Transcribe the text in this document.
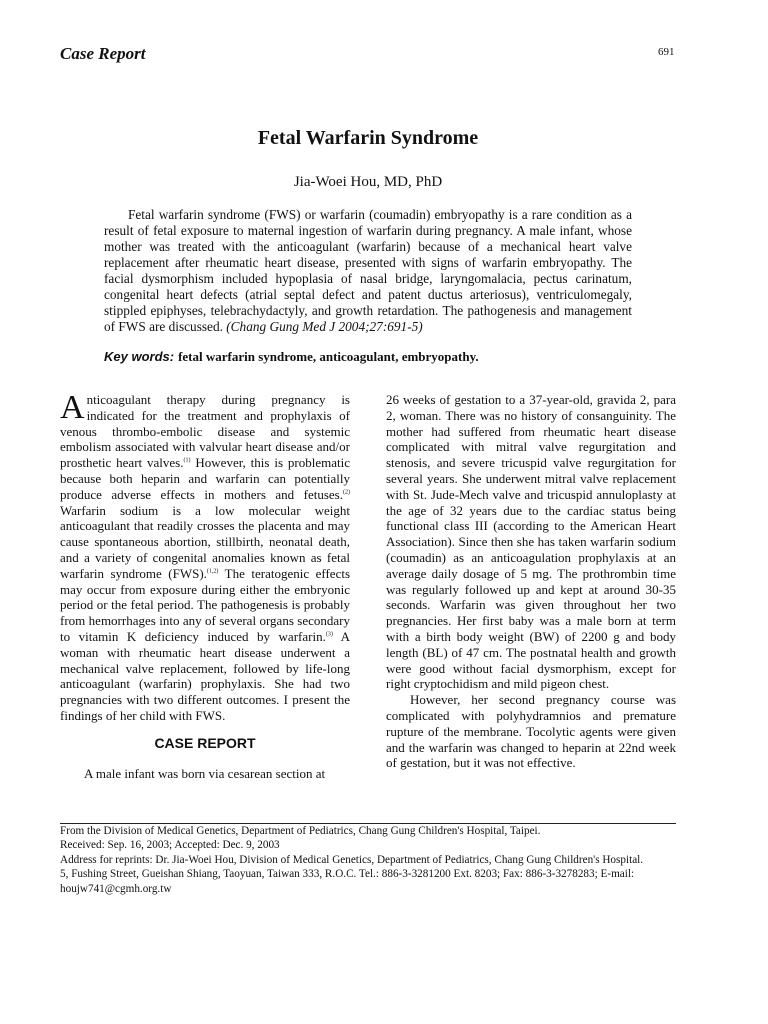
Case Report	691
Fetal Warfarin Syndrome
Jia-Woei Hou, MD, PhD

Fetal warfarin syndrome (FWS) or warfarin (coumadin) embryopathy is a rare condition as a result of fetal exposure to maternal ingestion of warfarin during pregnancy. A male infant, whose mother was treated with the anticoagulant (warfarin) because of a mechanical heart valve replacement after rheumatic heart disease, presented with signs of warfarin embryopathy. The facial dysmorphism included hypoplasia of nasal bridge, laryngomalacia, pectus carinatum, congenital heart defects (atrial septal defect and patent ductus arteriosus), ventriculomegaly, stippled epiphyses, telebrachydactyly, and growth retardation. The pathogenesis and management of FWS are discussed. (Chang Gung Med J 2004;27:691-5)

Key words: fetal warfarin syndrome, anticoagulant, embryopathy.

Anticoagulant therapy during pregnancy is indicated for the treatment and prophylaxis of venous thrombo-embolic disease and systemic embolism associated with valvular heart disease and/or prosthetic heart valves.$^{(1)}$ However, this is problematic because both heparin and warfarin can potentially produce adverse effects in mothers and fetuses.$^{(2)}$ Warfarin sodium is a low molecular weight anticoagulant that readily crosses the placenta and may cause spontaneous abortion, stillbirth, neonatal death, and a variety of congenital anomalies known as fetal warfarin syndrome (FWS).$^{(1,2)}$ The teratogenic effects may occur from exposure during either the embryonic period or the fetal period. The pathogenesis is probably from hemorrhages into any of several organs secondary to vitamin K deficiency induced by warfarin.$^{(3)}$ A woman with rheumatic heart disease underwent a mechanical valve replacement, followed by life-long anticoagulant (warfarin) prophylaxis. She had two pregnancies with two different outcomes. I present the findings of her child with FWS.

CASE REPORT

A male infant was born via cesarean section at

26 weeks of gestation to a 37-year-old, gravida 2, para 2, woman. There was no history of consanguinity. The mother had suffered from rheumatic heart disease complicated with mitral valve regurgitation and stenosis, and severe tricuspid valve regurgitation for several years. She underwent mitral valve replacement with St. Jude-Mech valve and tricuspid annuloplasty at the age of 32 years due to the cardiac status being functional class III (according to the American Heart Association). Since then she has taken warfarin sodium (coumadin) as an anticoagulation prophylaxis at an average daily dosage of 5 mg. The prothrombin time was regularly followed up and kept at around 30-35 seconds. Warfarin was given throughout her two pregnancies. Her first baby was a male born at term with a birth body weight (BW) of 2200 g and body length (BL) of 47 cm. The postnatal health and growth were good without facial dysmorphism, except for right cryptochidism and mild pigeon chest.

However, her second pregnancy course was complicated with polyhydramnios and premature rupture of the membrane. Tocolytic agents were given and the warfarin was changed to heparin at 22nd week of gestation, but it was not effective.

From the Division of Medical Genetics, Department of Pediatrics, Chang Gung Children's Hospital, Taipei.
Received: Sep. 16, 2003; Accepted: Dec. 9, 2003
Address for reprints: Dr. Jia-Woei Hou, Division of Medical Genetics, Department of Pediatrics, Chang Gung Children's Hospital.
5, Fushing Street, Gueishan Shiang, Taoyuan, Taiwan 333, R.O.C. Tel.: 886-3-3281200 Ext. 8203; Fax: 886-3-3278283; E-mail:
houjw741@cgmh.org.tw
